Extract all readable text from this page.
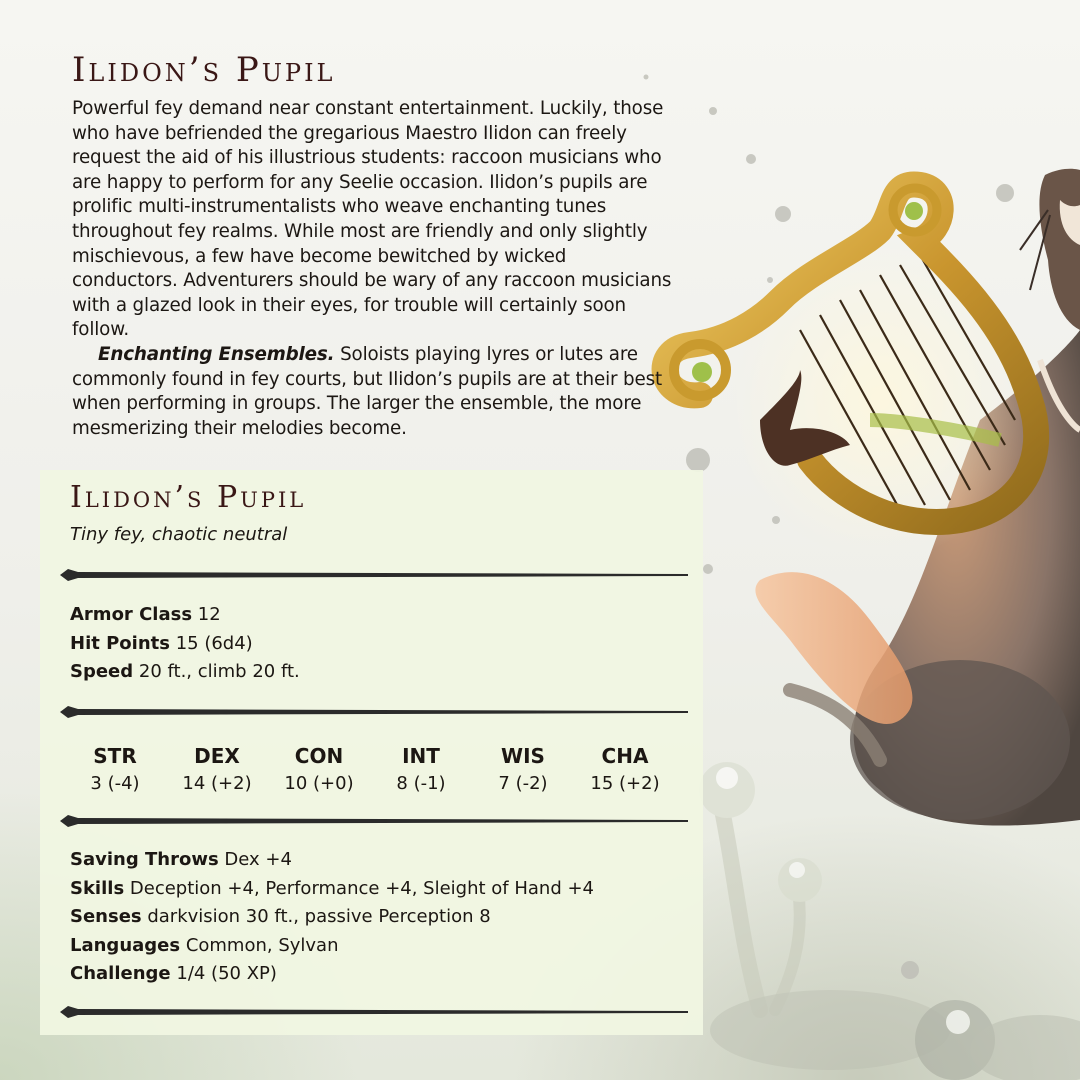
Ilidon’s Pupil

Powerful fey demand near constant entertainment. Luckily, those who have befriended the gregarious Maestro Ilidon can freely request the aid of his illustrious students: raccoon musicians who are happy to perform for any Seelie occasion. Ilidon’s pupils are prolific multi-instrumentalists who weave enchanting tunes throughout fey realms. While most are friendly and only slightly mischievous, a few have become bewitched by wicked conductors. Adventurers should be wary of any raccoon musicians with a glazed look in their eyes, for trouble will certainly soon follow.

Enchanting Ensembles. Soloists playing lyres or lutes are commonly found in fey courts, but Ilidon’s pupils are at their best when performing in groups. The larger the ensemble, the more mesmerizing their melodies become.

Ilidon’s Pupil
Tiny fey, chaotic neutral
Armor Class 12
Hit Points 15 (6d4)
Speed 20 ft., climb 20 ft.
STR
3 (-4)
DEX
14 (+2)
CON
10 (+0)
INT
8 (-1)
WIS
7 (-2)
CHA
15 (+2)
Saving Throws Dex +4
Skills Deception +4, Performance +4, Sleight of Hand +4
Senses darkvision 30 ft., passive Perception 8
Languages Common, Sylvan
Challenge 1/4 (50 XP)
